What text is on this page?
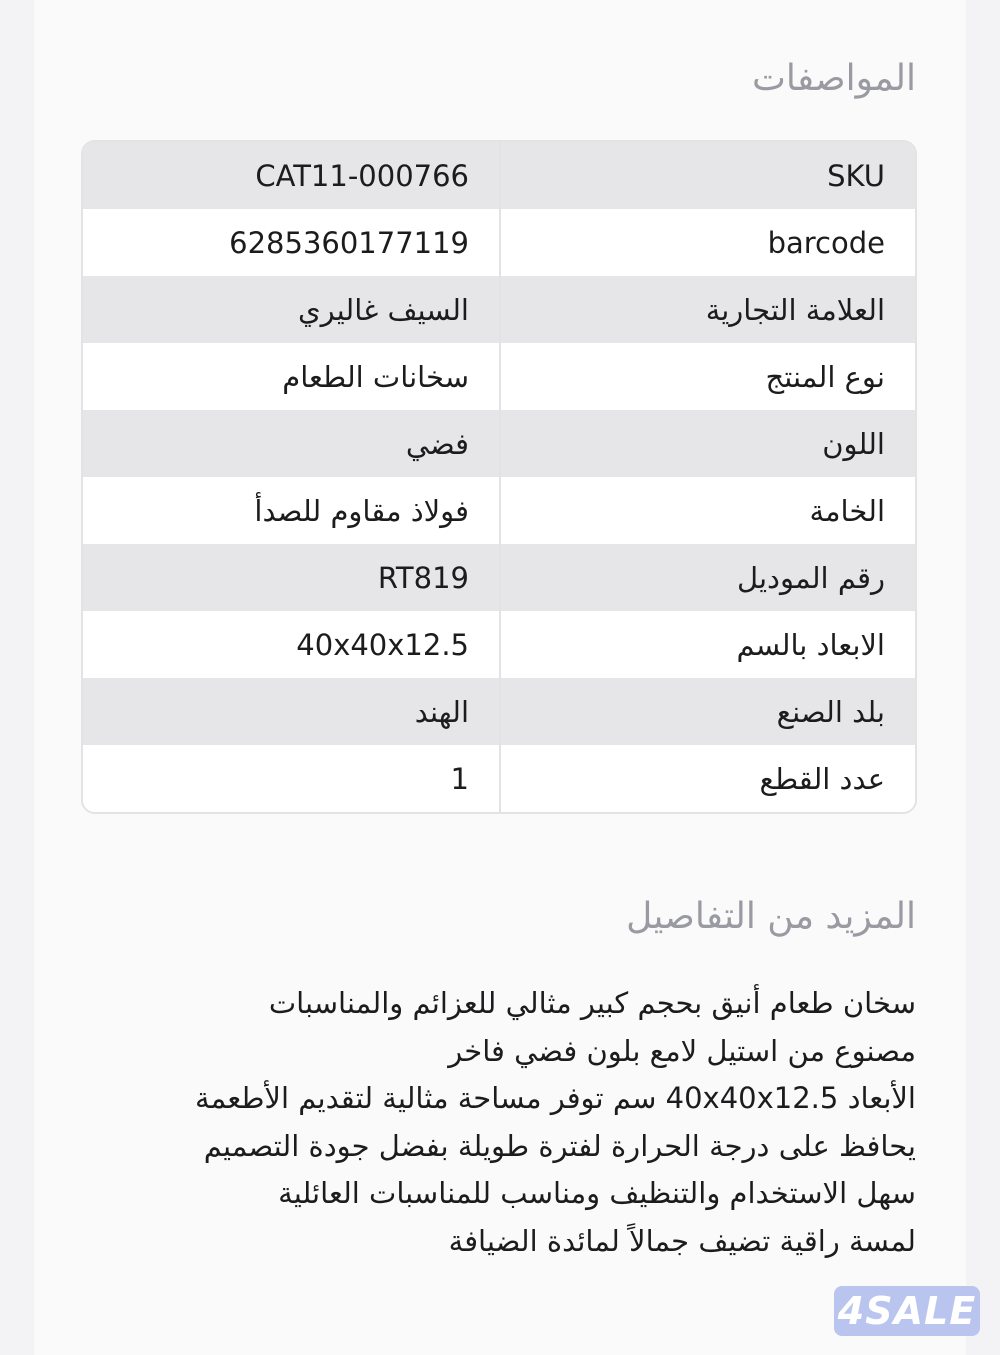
المواصفات
CAT11-000766	SKU
6285360177119	barcode
السيف غاليري	العلامة التجارية
سخانات الطعام	نوع المنتج
فضي	اللون
فولاذ مقاوم للصدأ	الخامة
RT819	رقم الموديل
40x40x12.5	الابعاد بالسم
الهند	بلد الصنع
1	عدد القطع
المزيد من التفاصيل
سخان طعام أنيق بحجم كبير مثالي للعزائم والمناسبات
مصنوع من استيل لامع بلون فضي فاخر
الأبعاد 40x40x12.5 سم توفر مساحة مثالية لتقديم الأطعمة
يحافظ على درجة الحرارة لفترة طويلة بفضل جودة التصميم
سهل الاستخدام والتنظيف ومناسب للمناسبات العائلية
لمسة راقية تضيف جمالاً لمائدة الضيافة
4SALE
